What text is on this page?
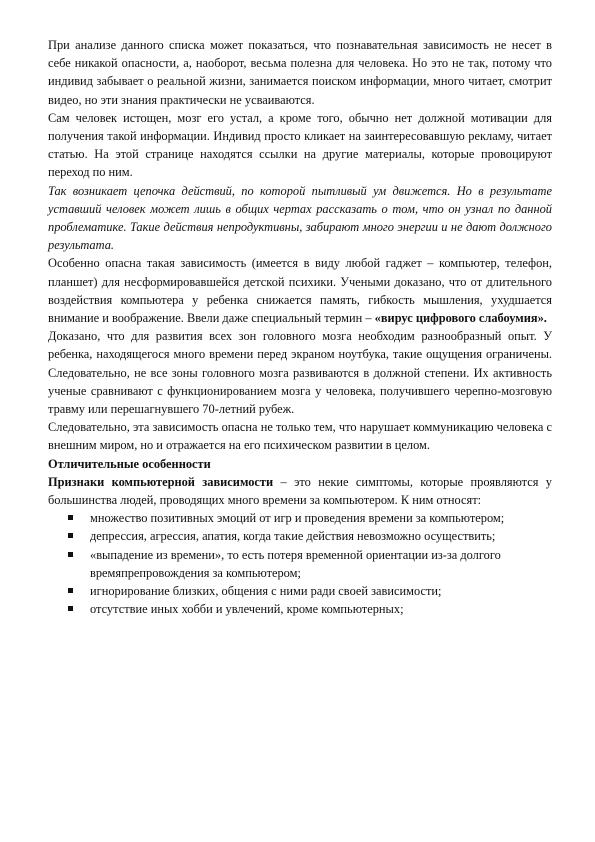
При анализе данного списка может показаться, что познавательная зависимость не несет в себе никакой опасности, а, наоборот, весьма полезна для человека. Но это не так, потому что индивид забывает о реальной жизни, занимается поиском информации, много читает, смотрит видео, но эти знания практически не усваиваются.

Сам человек истощен, мозг его устал, а кроме того, обычно нет должной мотивации для получения такой информации. Индивид просто кликает на заинтересовавшую рекламу, читает статью. На этой странице находятся ссылки на другие материалы, которые провоцируют переход по ним.

Так возникает цепочка действий, по которой пытливый ум движется. Но в результате уставший человек может лишь в общих чертах рассказать о том, что он узнал по данной проблематике. Такие действия непродуктивны, забирают много энергии и не дают должного результата.

Особенно опасна такая зависимость (имеется в виду любой гаджет – компьютер, телефон, планшет) для несформировавшейся детской психики. Учеными доказано, что от длительного воздействия компьютера у ребенка снижается память, гибкость мышления, ухудшается внимание и воображение. Ввели даже специальный термин – «вирус цифрового слабоумия».

Доказано, что для развития всех зон головного мозга необходим разнообразный опыт. У ребенка, находящегося много времени перед экраном ноутбука, такие ощущения ограничены. Следовательно, не все зоны головного мозга развиваются в должной степени. Их активность ученые сравнивают с функционированием мозга у человека, получившего черепно-мозговую травму или перешагнувшего 70-летний рубеж.

Следовательно, эта зависимость опасна не только тем, что нарушает коммуникацию человека с внешним миром, но и отражается на его психическом развитии в целом.

Отличительные особенности

Признаки компьютерной зависимости – это некие симптомы, которые проявляются у большинства людей, проводящих много времени за компьютером. К ним относят:

множество позитивных эмоций от игр и проведения времени за компьютером;
депрессия, агрессия, апатия, когда такие действия невозможно осуществить;
«выпадение из времени», то есть потеря временной ориентации из-за долгого времяпрепровождения за компьютером;
игнорирование близких, общения с ними ради своей зависимости;
отсутствие иных хобби и увлечений, кроме компьютерных;
